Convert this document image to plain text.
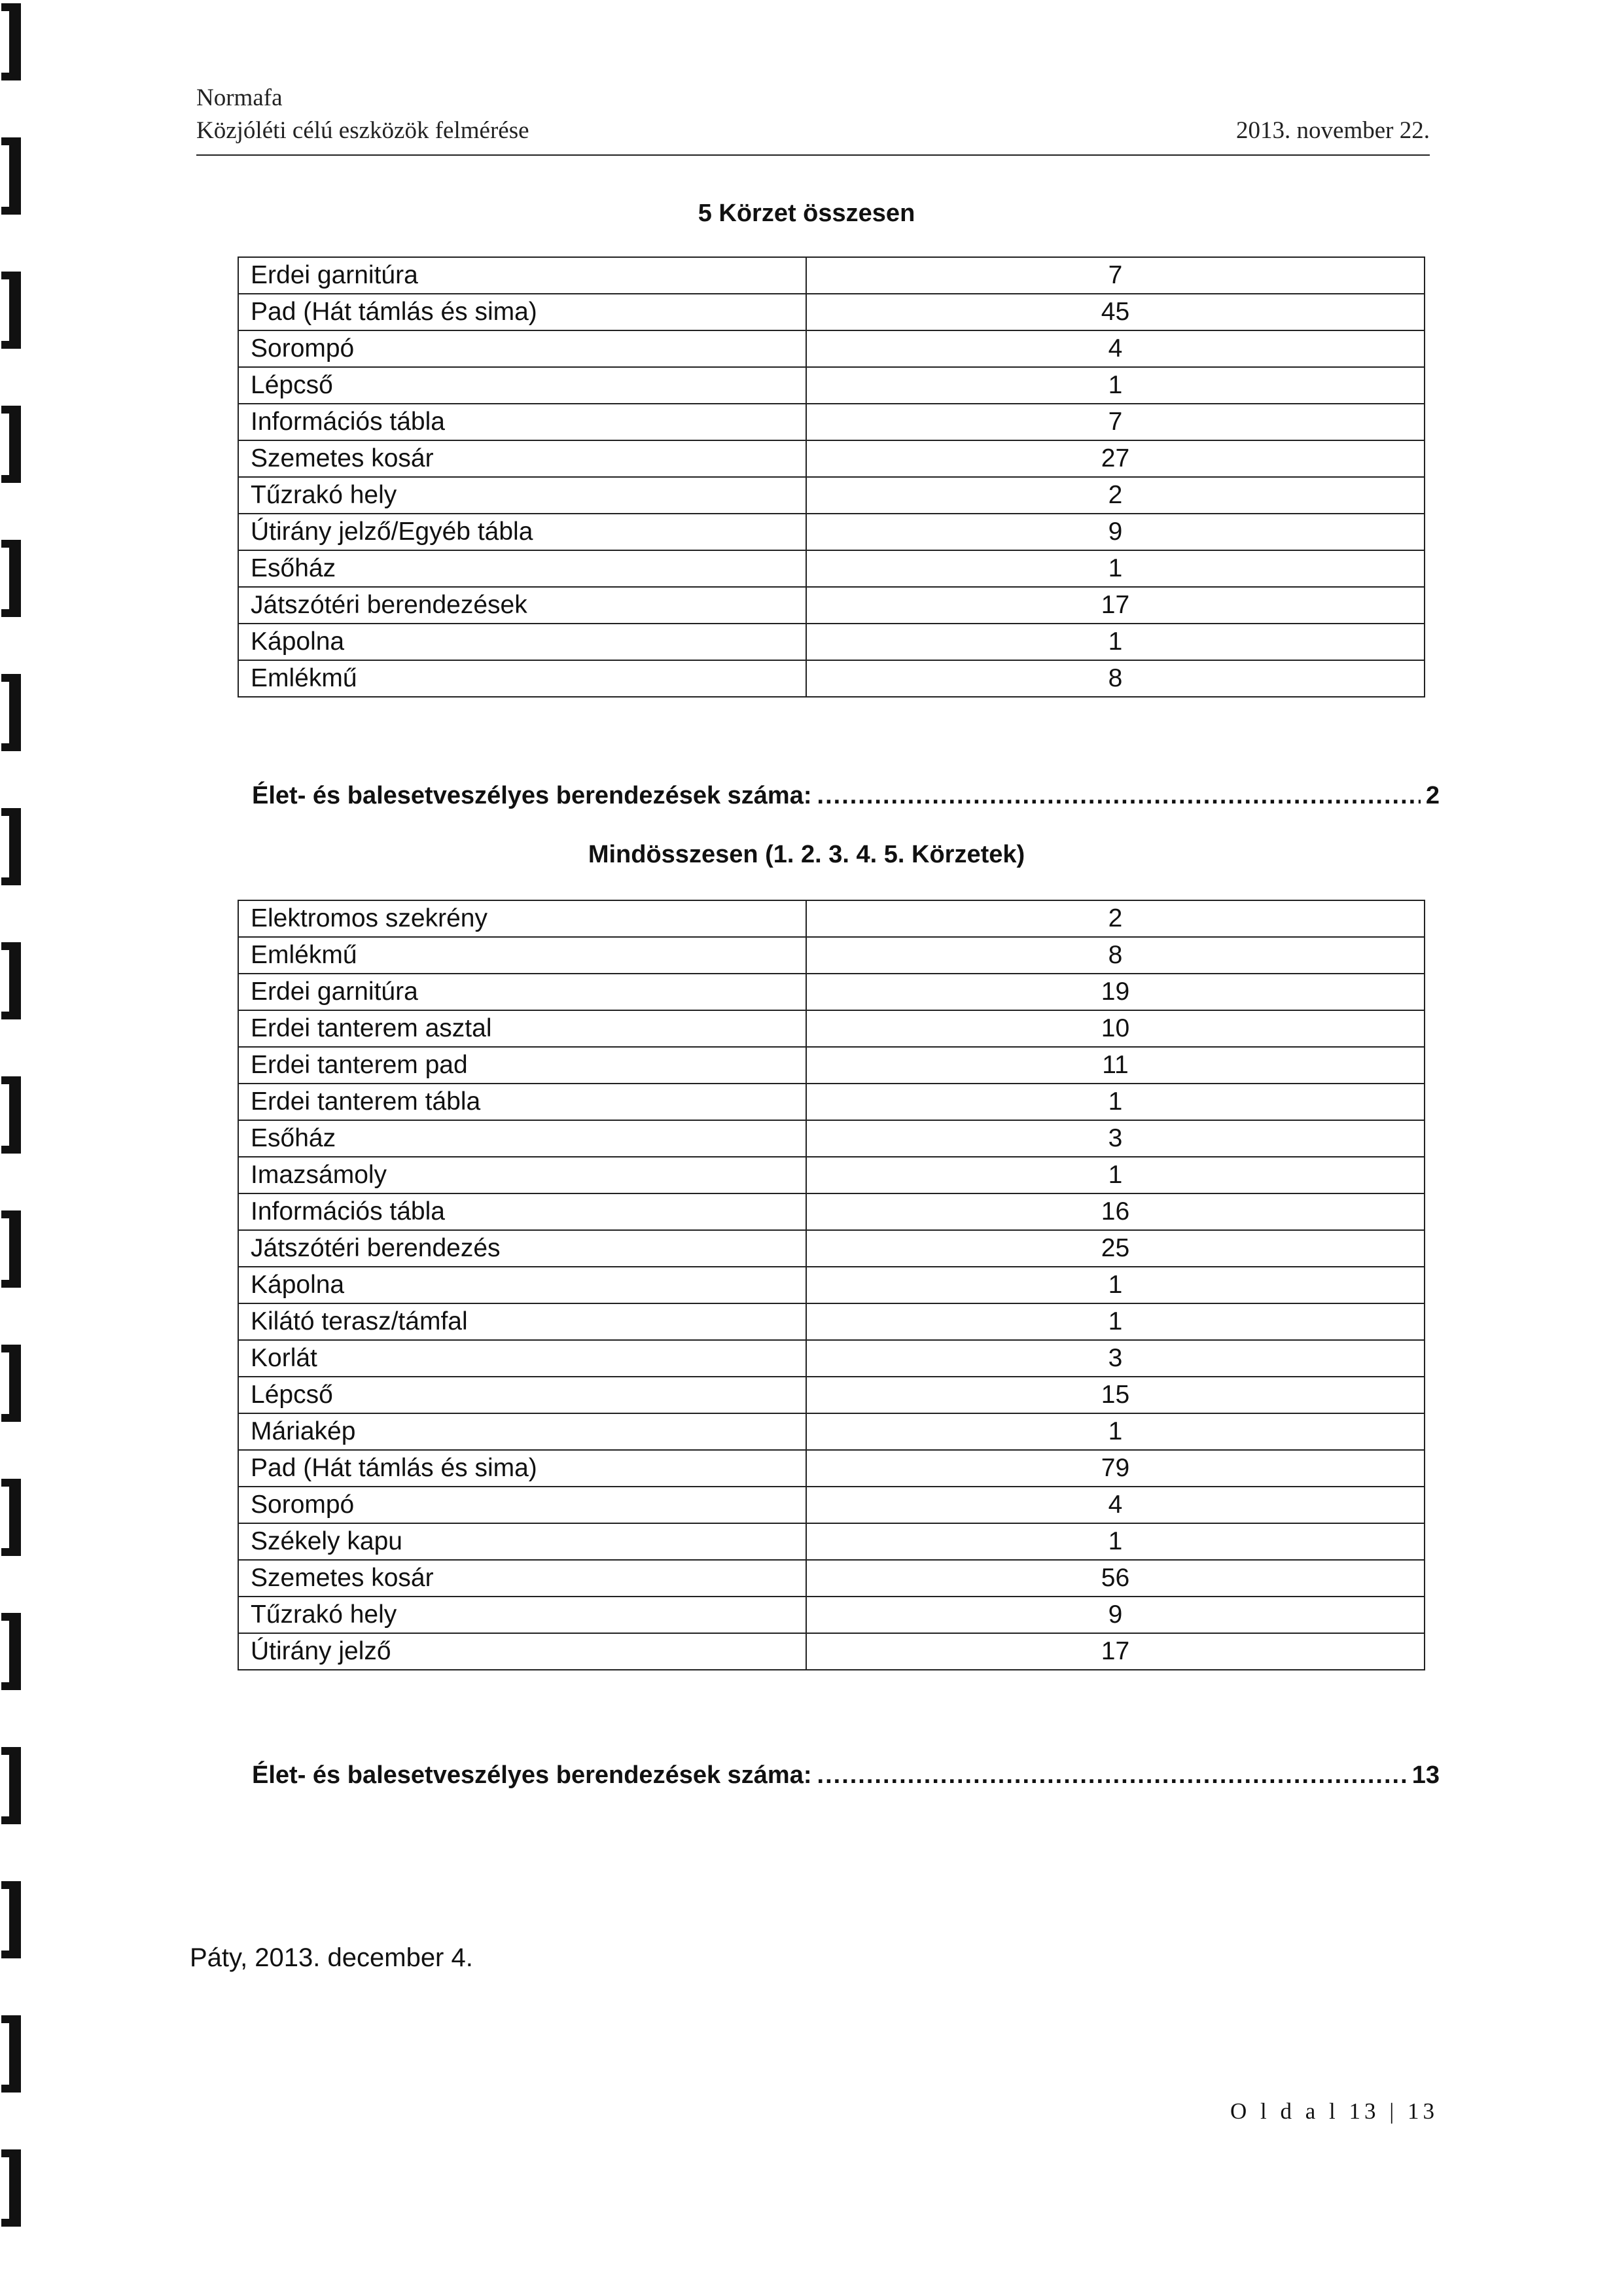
Normafa
Közjóléti célú eszközök felmérése	2013. november 22.
5 Körzet összesen
Erdei garnitúra	7
Pad (Hát támlás és sima)	45
Sorompó	4
Lépcső	1
Információs tábla	7
Szemetes kosár	27
Tűzrakó hely	2
Útirány jelző/Egyéb tábla	9
Esőház	1
Játszótéri berendezések	17
Kápolna	1
Emlékmű	8
Élet- és balesetveszélyes berendezések száma: .....	2
Mindösszesen (1. 2. 3. 4. 5. Körzetek)
Elektromos szekrény	2
Emlékmű	8
Erdei garnitúra	19
Erdei tanterem asztal	10
Erdei tanterem pad	11
Erdei tanterem tábla	1
Esőház	3
Imazsámoly	1
Információs tábla	16
Játszótéri berendezés	25
Kápolna	1
Kilátó terasz/támfal	1
Korlát	3
Lépcső	15
Máriakép	1
Pad (Hát támlás és sima)	79
Sorompó	4
Székely kapu	1
Szemetes kosár	56
Tűzrakó hely	9
Útirány jelző	17
Élet- és balesetveszélyes berendezések száma: .....	13
Páty, 2013. december 4.
O l d a l 13 | 13
